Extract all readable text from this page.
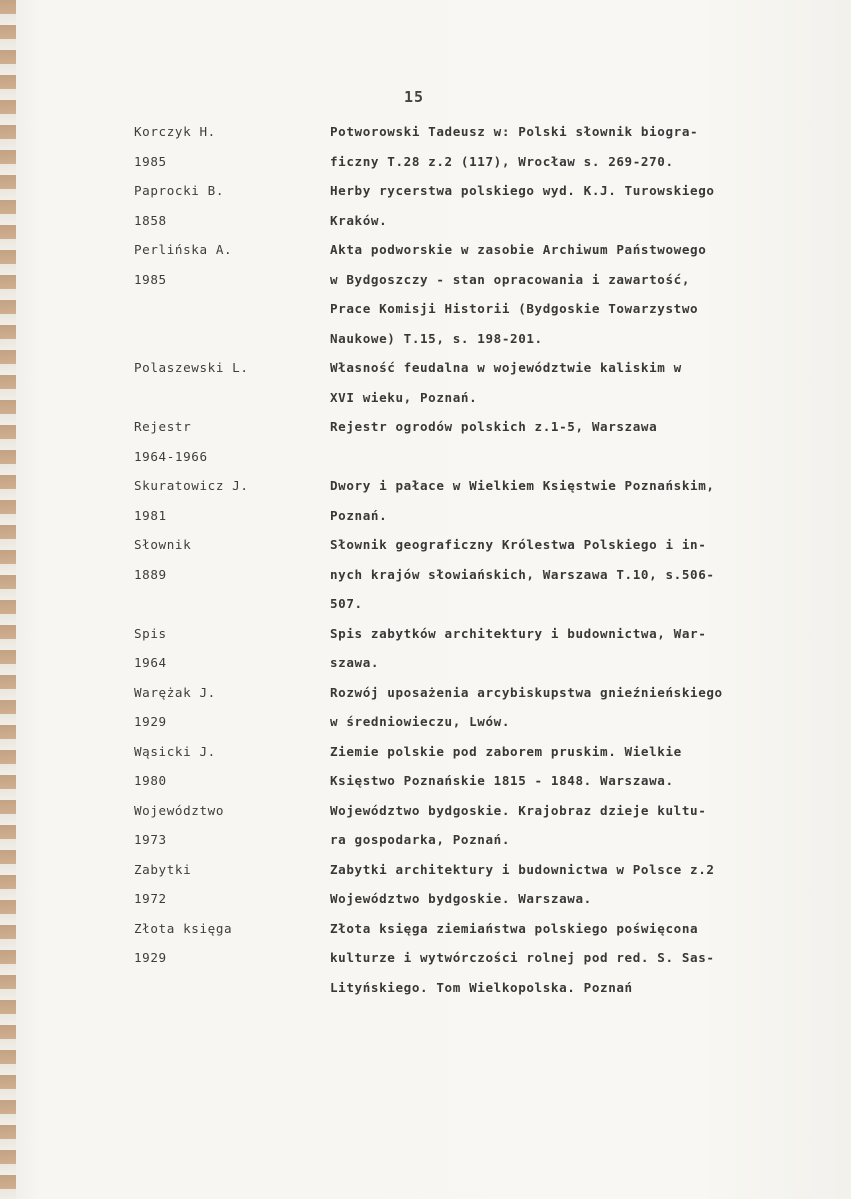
15
Korczyk H.
1985
Paprocki B.
1858
Perlińska A.
1985
Polaszewski L.
Rejestr
1964-1966
Skuratowicz J.
1981
Słownik
1889
Spis
1964
Warężak J.
1929
Wąsicki J.
1980
Województwo
1973
Zabytki
1972
Złota księga
1929
Potworowski Tadeusz w: Polski słownik biogra-
ficzny T.28 z.2 (117), Wrocław s. 269-270.
Herby rycerstwa polskiego wyd. K.J. Turowskiego
Kraków.
Akta podworskie w zasobie Archiwum Państwowego
w Bydgoszczy - stan opracowania i zawartość,
Prace Komisji Historii (Bydgoskie Towarzystwo
Naukowe) T.15, s. 198-201.
Własność feudalna w województwie kaliskim w
XVI wieku, Poznań.
Rejestr ogrodów polskich z.1-5, Warszawa
Dwory i pałace w Wielkiem Księstwie Poznańskim,
Poznań.
Słownik geograficzny Królestwa Polskiego i in-
nych krajów słowiańskich, Warszawa T.10, s.506-
507.
Spis zabytków architektury i budownictwa, War-
szawa.
Rozwój uposażenia arcybiskupstwa gnieźnieńskiego
w średniowieczu, Lwów.
Ziemie polskie pod zaborem pruskim. Wielkie
Księstwo Poznańskie 1815 - 1848. Warszawa.
Województwo bydgoskie. Krajobraz dzieje kultu-
ra gospodarka, Poznań.
Zabytki architektury i budownictwa w Polsce z.2
Województwo bydgoskie. Warszawa.
Złota księga ziemiaństwa polskiego poświęcona
kulturze i wytwórczości rolnej pod red. S. Sas-
Lityńskiego. Tom Wielkopolska. Poznań
